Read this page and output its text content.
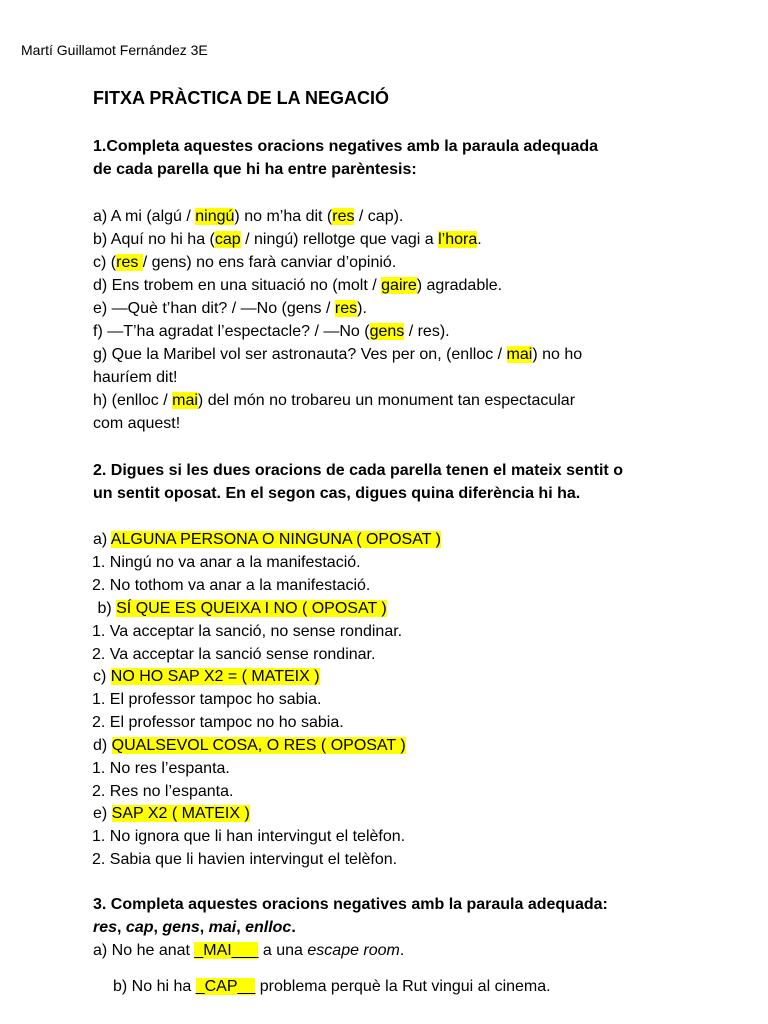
Martí Guillamot Fernández 3E
FITXA PRÀCTICA DE LA NEGACIÓ
1.Completa aquestes oracions negatives amb la paraula adequada
de cada parella que hi ha entre parèntesis:
a) A mi (algú / ningú) no m’ha dit (res / cap).
b) Aquí no hi ha (cap / ningú) rellotge que vagi a l’hora.
c) (res / gens) no ens farà canviar d’opinió.
d) Ens trobem en una situació no (molt / gaire) agradable.
e) —Què t’han dit? / —No (gens / res).
f) —T’ha agradat l’espectacle? / —No (gens / res).
g) Que la Maribel vol ser astronauta? Ves per on, (enlloc / mai) no ho
hauríem dit!
h) (enlloc / mai) del món no trobareu un monument tan espectacular
com aquest!
2. Digues si les dues oracions de cada parella tenen el mateix sentit o
un sentit oposat. En el segon cas, digues quina diferència hi ha.
a) ALGUNA PERSONA O NINGUNA ( OPOSAT )
1. Ningú no va anar a la manifestació.
2. No tothom va anar a la manifestació.
b) SÍ QUE ES QUEIXA I NO ( OPOSAT )
1. Va acceptar la sanció, no sense rondinar.
2. Va acceptar la sanció sense rondinar.
c) NO HO SAP X2 = ( MATEIX )
1. El professor tampoc ho sabia.
2. El professor tampoc no ho sabia.
d) QUALSEVOL COSA, O RES ( OPOSAT )
1. No res l’espanta.
2. Res no l’espanta.
e) SAP X2 ( MATEIX )
1. No ignora que li han intervingut el telèfon.
2. Sabia que li havien intervingut el telèfon.
3. Completa aquestes oracions negatives amb la paraula adequada:
res, cap, gens, mai, enlloc.
a) No he anat _MAI___ a una escape room.
b) No hi ha _CAP__ problema perquè la Rut vingui al cinema.
